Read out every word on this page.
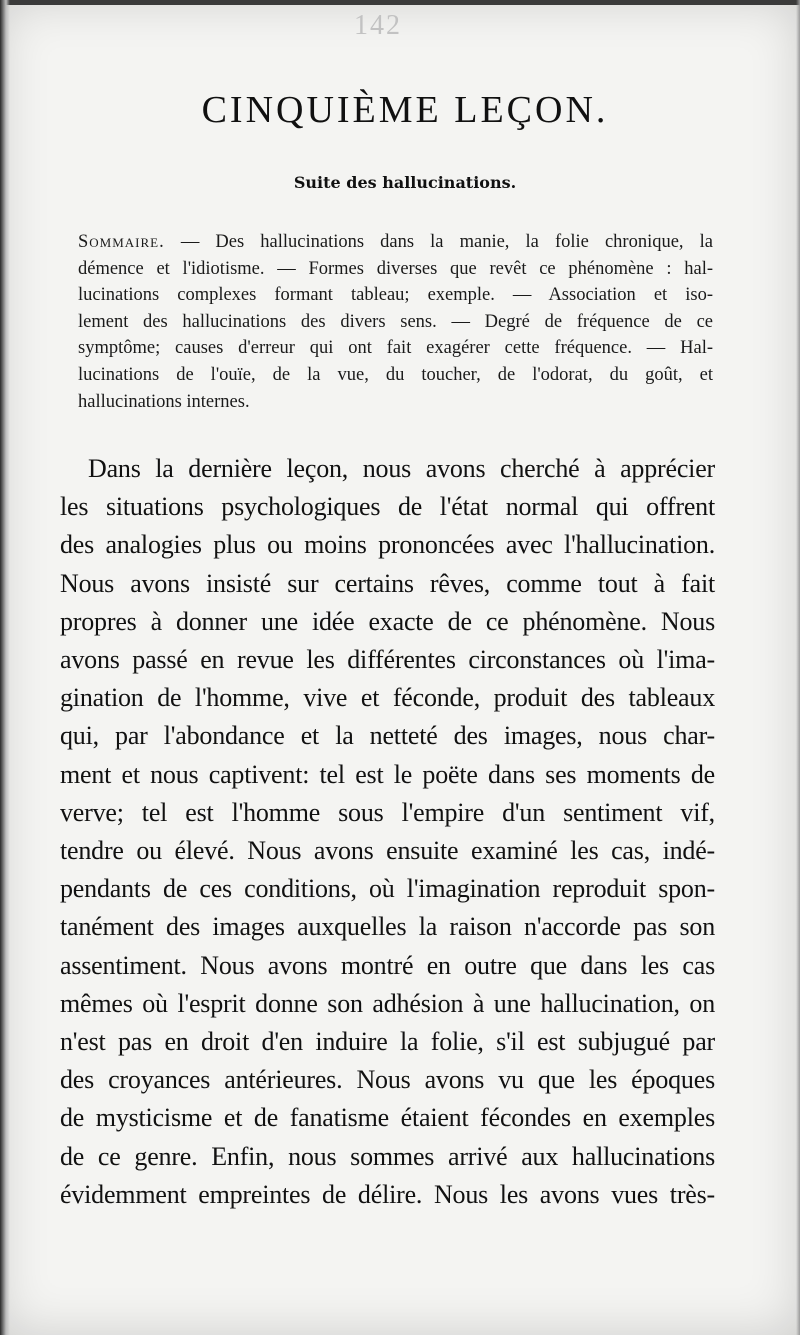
142
CINQUIÈME LEÇON.
Suite des hallucinations.
Sommaire. — Des hallucinations dans la manie, la folie chronique, la
démence et l'idiotisme. — Formes diverses que revêt ce phénomène : hal-
lucinations complexes formant tableau; exemple. — Association et iso-
lement des hallucinations des divers sens. — Degré de fréquence de ce
symptôme; causes d'erreur qui ont fait exagérer cette fréquence. — Hal-
lucinations de l'ouïe, de la vue, du toucher, de l'odorat, du goût, et
hallucinations internes.
Dans la dernière leçon, nous avons cherché à apprécier
les situations psychologiques de l'état normal qui offrent
des analogies plus ou moins prononcées avec l'hallucination.
Nous avons insisté sur certains rêves, comme tout à fait
propres à donner une idée exacte de ce phénomène. Nous
avons passé en revue les différentes circonstances où l'ima-
gination de l'homme, vive et féconde, produit des tableaux
qui, par l'abondance et la netteté des images, nous char-
ment et nous captivent: tel est le poëte dans ses moments de
verve; tel est l'homme sous l'empire d'un sentiment vif,
tendre ou élevé. Nous avons ensuite examiné les cas, indé-
pendants de ces conditions, où l'imagination reproduit spon-
tanément des images auxquelles la raison n'accorde pas son
assentiment. Nous avons montré en outre que dans les cas
mêmes où l'esprit donne son adhésion à une hallucination, on
n'est pas en droit d'en induire la folie, s'il est subjugué par
des croyances antérieures. Nous avons vu que les époques
de mysticisme et de fanatisme étaient fécondes en exemples
de ce genre. Enfin, nous sommes arrivé aux hallucinations
évidemment empreintes de délire. Nous les avons vues très-
